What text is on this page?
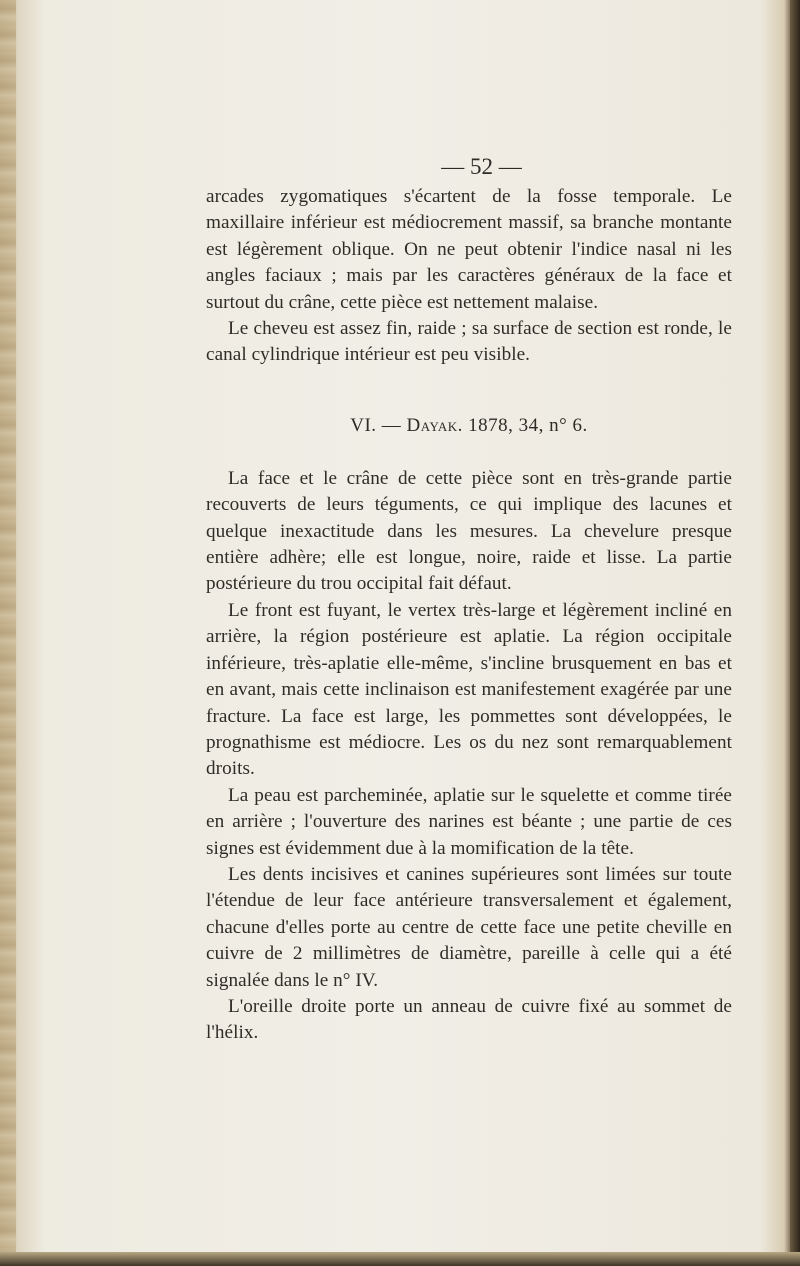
— 52 —

arcades zygomatiques s'écartent de la fosse temporale. Le maxillaire inférieur est médiocrement massif, sa branche montante est légèrement oblique. On ne peut obtenir l'indice nasal ni les angles faciaux ; mais par les caractères généraux de la face et surtout du crâne, cette pièce est nettement malaise.

Le cheveu est assez fin, raide ; sa surface de section est ronde, le canal cylindrique intérieur est peu visible.

VI. — Dayak. 1878, 34, n° 6.

La face et le crâne de cette pièce sont en très-grande partie recouverts de leurs téguments, ce qui implique des lacunes et quelque inexactitude dans les mesures. La chevelure presque entière adhère; elle est longue, noire, raide et lisse. La partie postérieure du trou occipital fait défaut.

Le front est fuyant, le vertex très-large et légèrement incliné en arrière, la région postérieure est aplatie. La région occipitale inférieure, très-aplatie elle-même, s'incline brusquement en bas et en avant, mais cette inclinaison est manifestement exagérée par une fracture. La face est large, les pommettes sont développées, le prognathisme est médiocre. Les os du nez sont remarquablement droits.

La peau est parcheminée, aplatie sur le squelette et comme tirée en arrière ; l'ouverture des narines est béante ; une partie de ces signes est évidemment due à la momification de la tête.

Les dents incisives et canines supérieures sont limées sur toute l'étendue de leur face antérieure transversalement et également, chacune d'elles porte au centre de cette face une petite cheville en cuivre de 2 millimètres de diamètre, pareille à celle qui a été signalée dans le n° IV.

L'oreille droite porte un anneau de cuivre fixé au sommet de l'hélix.
